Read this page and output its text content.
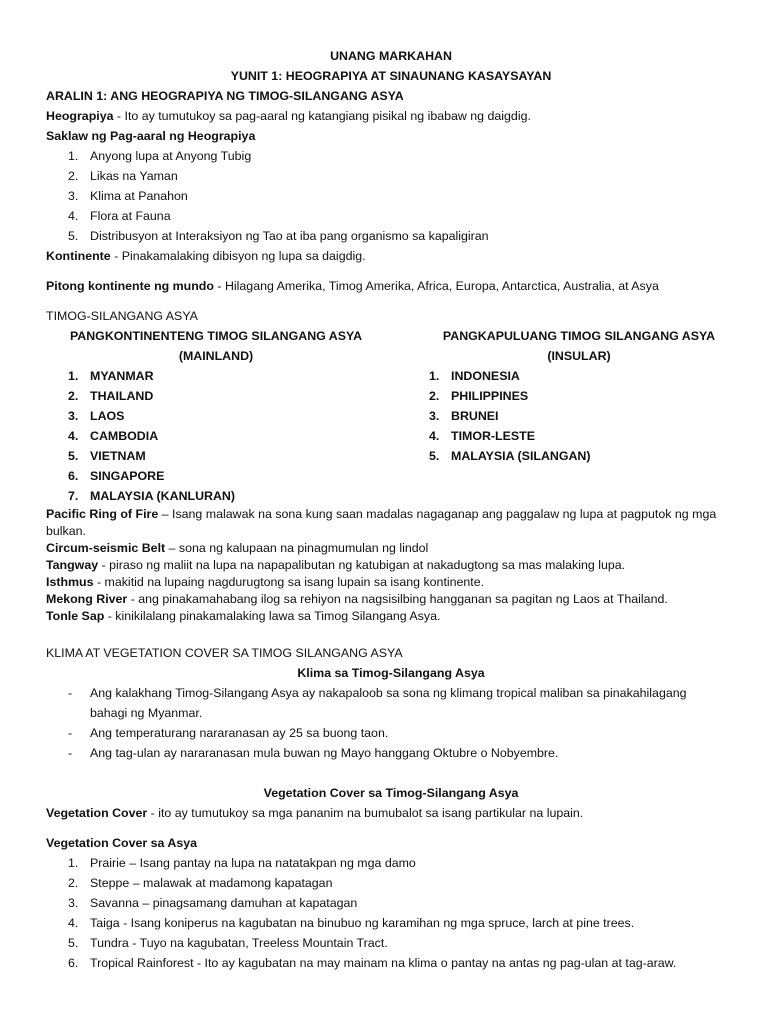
UNANG MARKAHAN
YUNIT 1: HEOGRAPIYA AT SINAUNANG KASAYSAYAN
ARALIN 1: ANG HEOGRAPIYA NG TIMOG-SILANGANG ASYA
Heograpiya - Ito ay tumutukoy sa pag-aaral ng katangiang pisikal ng ibabaw ng daigdig.
Saklaw ng Pag-aaral ng Heograpiya
1. Anyong lupa at Anyong Tubig
2. Likas na Yaman
3. Klima at Panahon
4. Flora at Fauna
5. Distribusyon at Interaksiyon ng Tao at iba pang organismo sa kapaligiran
Kontinente - Pinakamalaking dibisyon ng lupa sa daigdig.
Pitong kontinente ng mundo - Hilagang Amerika, Timog Amerika, Africa, Europa, Antarctica, Australia, at Asya
TIMOG-SILANGANG ASYA
PANGKONTINENTENG TIMOG SILANGANG ASYA
(MAINLAND)
1. MYANMAR
2. THAILAND
3. LAOS
4. CAMBODIA
5. VIETNAM
6. SINGAPORE
7. MALAYSIA (KANLURAN)
PANGKAPULUANG TIMOG SILANGANG ASYA
(INSULAR)
1. INDONESIA
2. PHILIPPINES
3. BRUNEI
4. TIMOR-LESTE
5. MALAYSIA (SILANGAN)
Pacific Ring of Fire – Isang malawak na sona kung saan madalas nagaganap ang paggalaw ng lupa at pagputok ng mga bulkan.
Circum-seismic Belt – sona ng kalupaan na pinagmumulan ng lindol
Tangway - piraso ng maliit na lupa na napapalibutan ng katubigan at nakadugtong sa mas malaking lupa.
Isthmus - makitid na lupaing nagdurugtong sa isang lupain sa isang kontinente.
Mekong River - ang pinakamahabang ilog sa rehiyon na nagsisilbing hangganan sa pagitan ng Laos at Thailand.
Tonle Sap - kinikilalang pinakamalaking lawa sa Timog Silangang Asya.
KLIMA AT VEGETATION COVER SA TIMOG SILANGANG ASYA
Klima sa Timog-Silangang Asya
- Ang kalakhang Timog-Silangang Asya ay nakapaloob sa sona ng klimang tropical maliban sa pinakahilagang
bahagi ng Myanmar.
- Ang temperaturang nararanasan ay 25 sa buong taon.
- Ang tag-ulan ay nararanasan mula buwan ng Mayo hanggang Oktubre o Nobyembre.
Vegetation Cover sa Timog-Silangang Asya
Vegetation Cover - ito ay tumutukoy sa mga pananim na bumubalot sa isang partikular na lupain.
Vegetation Cover sa Asya
1. Prairie – Isang pantay na lupa na natatakpan ng mga damo
2. Steppe – malawak at madamong kapatagan
3. Savanna – pinagsamang damuhan at kapatagan
4. Taiga - Isang koniperus na kagubatan na binubuo ng karamihan ng mga spruce, larch at pine trees.
5. Tundra - Tuyo na kagubatan, Treeless Mountain Tract.
6. Tropical Rainforest - Ito ay kagubatan na may mainam na klima o pantay na antas ng pag-ulan at tag-araw.
